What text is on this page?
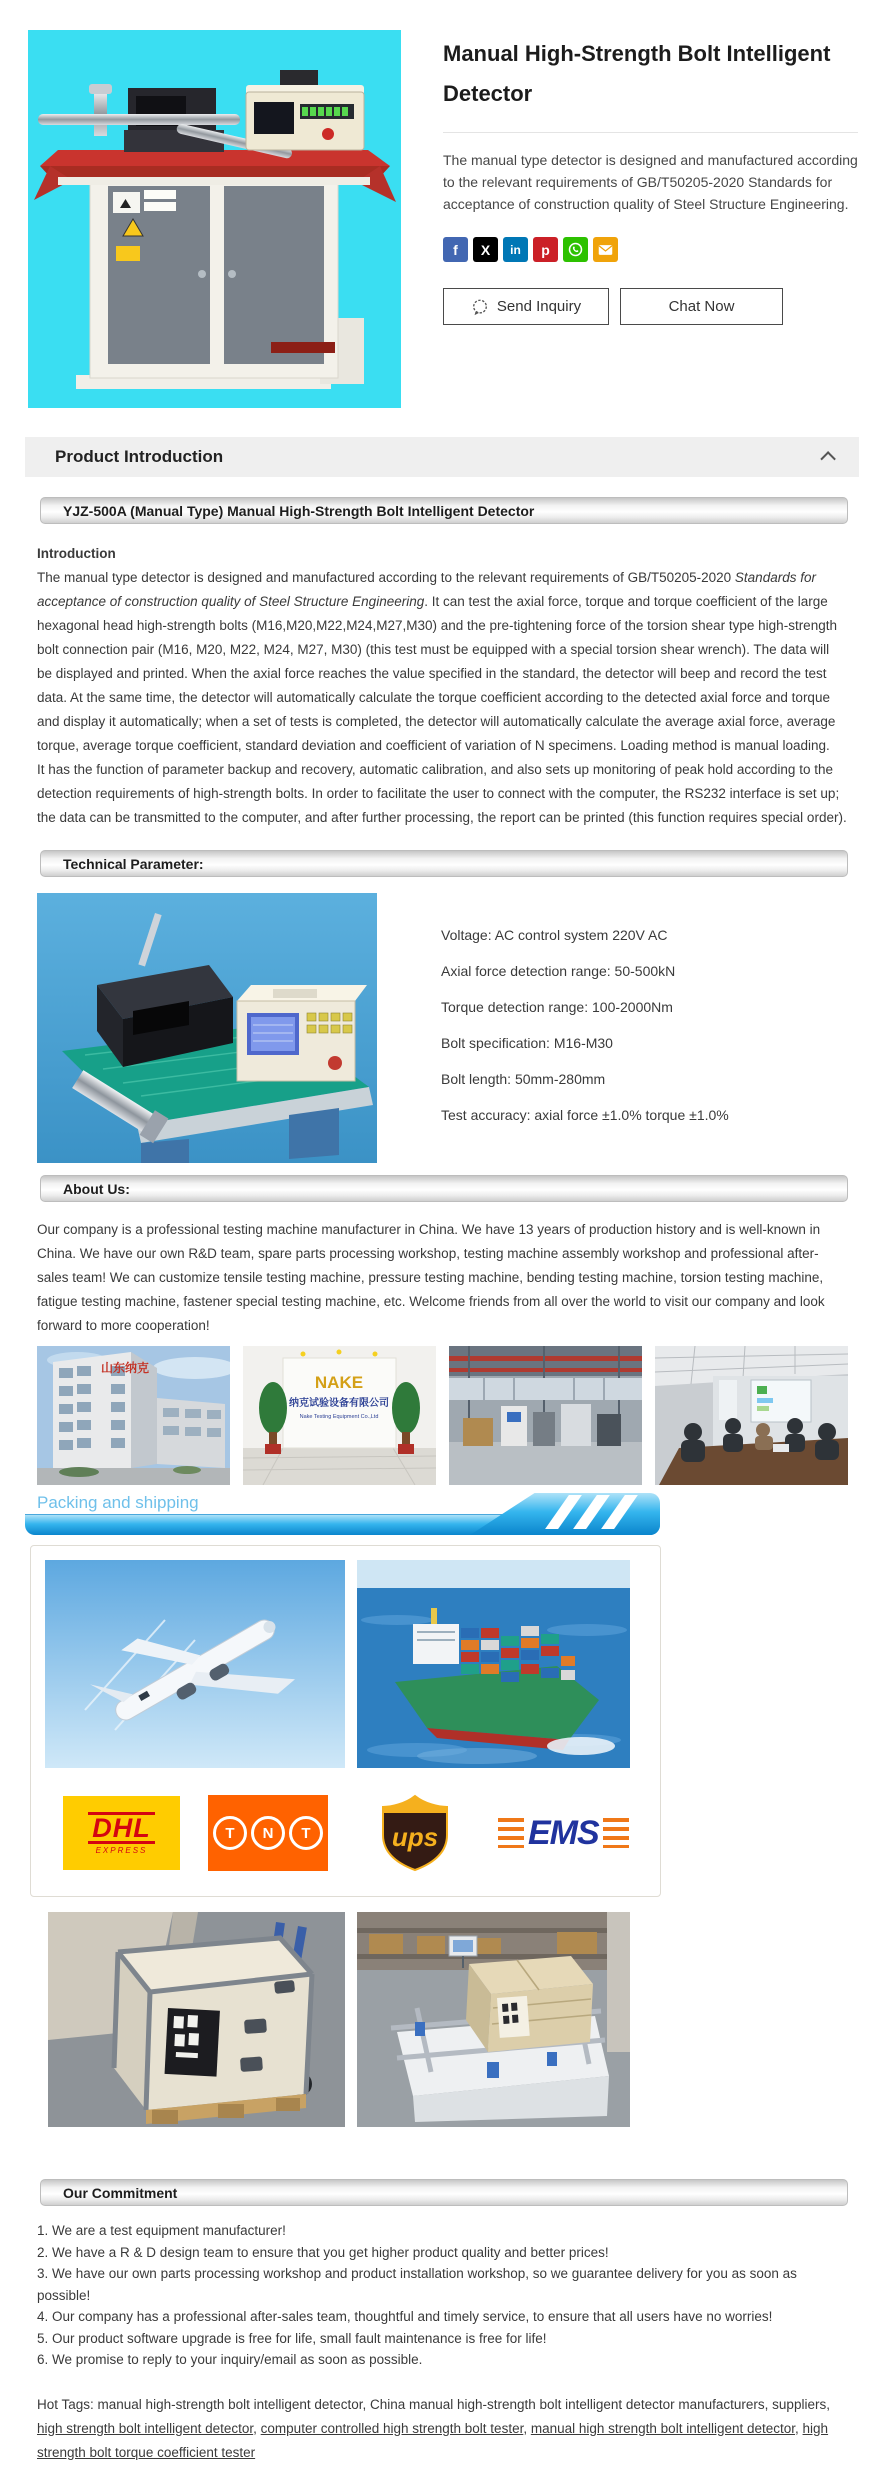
Manual High-Strength Bolt Intelligent Detector

The manual type detector is designed and manufactured according to the relevant requirements of GB/T50205-2020 Standards for acceptance of construction quality of Steel Structure Engineering.

f	X	in	p
Send Inquiry	Chat Now
Product Introduction
YJZ-500A (Manual Type) Manual High-Strength Bolt Intelligent Detector
Introduction

The manual type detector is designed and manufactured according to the relevant requirements of GB/T50205-2020 Standards for acceptance of construction quality of Steel Structure Engineering. It can test the axial force, torque and torque coefficient of the large hexagonal head high-strength bolts (M16,M20,M22,M24,M27,M30) and the pre-tightening force of the torsion shear type high-strength bolt connection pair (M16, M20, M22, M24, M27, M30) (this test must be equipped with a special torsion shear wrench). The data will be displayed and printed. When the axial force reaches the value specified in the standard, the detector will beep and record the test data. At the same time, the detector will automatically calculate the torque coefficient according to the detected axial force and torque and display it automatically; when a set of tests is completed, the detector will automatically calculate the average axial force, average torque, average torque coefficient, standard deviation and coefficient of variation of N specimens. Loading method is manual loading.

It has the function of parameter backup and recovery, automatic calibration, and also sets up monitoring of peak hold according to the detection requirements of high-strength bolts. In order to facilitate the user to connect with the computer, the RS232 interface is set up; the data can be transmitted to the computer, and after further processing, the report can be printed (this function requires special order).

Technical Parameter:
Voltage: AC control system 220V AC
Axial force detection range: 50-500kN
Torque detection range: 100-2000Nm
Bolt specification: M16-M30
Bolt length: 50mm-280mm
Test accuracy: axial force ±1.0% torque ±1.0%
About Us:

Our company is a professional testing machine manufacturer in China. We have 13 years of production history and is well-known in China. We have our own R&D team, spare parts processing workshop, testing machine assembly workshop and professional after-sales team! We can customize tensile testing machine, pressure testing machine, bending testing machine, torsion testing machine, fatigue testing machine, fastener special testing machine, etc. Welcome friends from all over the world to visit our company and look forward to more cooperation!

山东纳克
NAKE
纳克试验设备有限公司
Nake Testing Equipment Co.,Ltd
Packing and shipping
DHL
EXPRESS
T	N	T	ups	EMS
Our Commitment
1. We are a test equipment manufacturer!
2. We have a R & D design team to ensure that you get higher product quality and better prices!
3. We have our own parts processing workshop and product installation workshop, so we guarantee delivery for you as soon as possible!
4. Our company has a professional after-sales team, thoughtful and timely service, to ensure that all users have no worries!
5. Our product software upgrade is free for life, small fault maintenance is free for life!
6. We promise to reply to your inquiry/email as soon as possible.

Hot Tags: manual high-strength bolt intelligent detector, China manual high-strength bolt intelligent detector manufacturers, suppliers, high strength bolt intelligent detector, computer controlled high strength bolt tester, manual high strength bolt intelligent detector, high strength bolt torque coefficient tester
